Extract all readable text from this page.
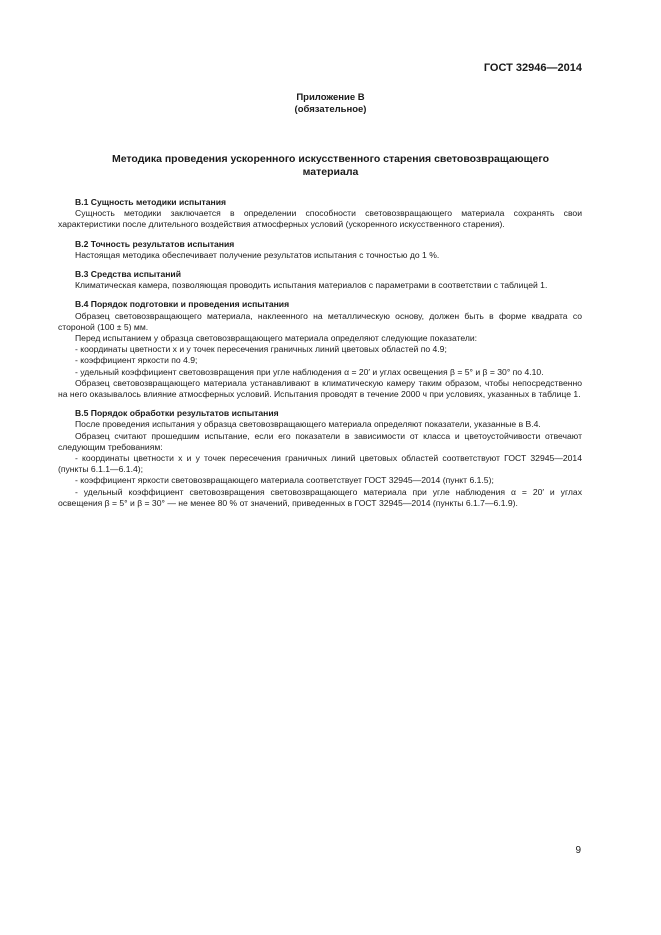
ГОСТ 32946—2014
Приложение В
(обязательное)
Методика проведения ускоренного искусственного старения световозвращающего
материала

В.1 Сущность методики испытания

Сущность методики заключается в определении способности световозвращающего материала сохранять свои характеристики после длительного воздействия атмосферных условий (ускоренного искусственного старения).

В.2 Точность результатов испытания

Настоящая методика обеспечивает получение результатов испытания с точностью до 1 %.

В.3 Средства испытаний

Климатическая камера, позволяющая проводить испытания материалов с параметрами в соответствии с таблицей 1.

В.4 Порядок подготовки и проведения испытания

Образец световозвращающего материала, наклеенного на металлическую основу, должен быть в форме квадрата со стороной (100 ± 5) мм.

Перед испытанием у образца световозвращающего материала определяют следующие показатели:

- координаты цветности x и y точек пересечения граничных линий цветовых областей по 4.9;

- коэффициент яркости по 4.9;

- удельный коэффициент световозвращения при угле наблюдения α = 20′ и углах освещения β = 5° и β = 30° по 4.10.

Образец световозвращающего материала устанавливают в климатическую камеру таким образом, чтобы непосредственно на него оказывалось влияние атмосферных условий. Испытания проводят в течение 2000 ч при условиях, указанных в таблице 1.

В.5 Порядок обработки результатов испытания

После проведения испытания у образца световозвращающего материала определяют показатели, указанные в В.4.

Образец считают прошедшим испытание, если его показатели в зависимости от класса и цветоустойчивости отвечают следующим требованиям:

- координаты цветности x и y точек пересечения граничных линий цветовых областей соответствуют ГОСТ 32945—2014 (пункты 6.1.1—6.1.4);

- коэффициент яркости световозвращающего материала соответствует ГОСТ 32945—2014 (пункт 6.1.5);

- удельный коэффициент световозвращения световозвращающего материала при угле наблюдения α = 20′ и углах освещения β = 5° и β = 30° — не менее 80 % от значений, приведенных в ГОСТ 32945—2014 (пункты 6.1.7—6.1.9).

9
